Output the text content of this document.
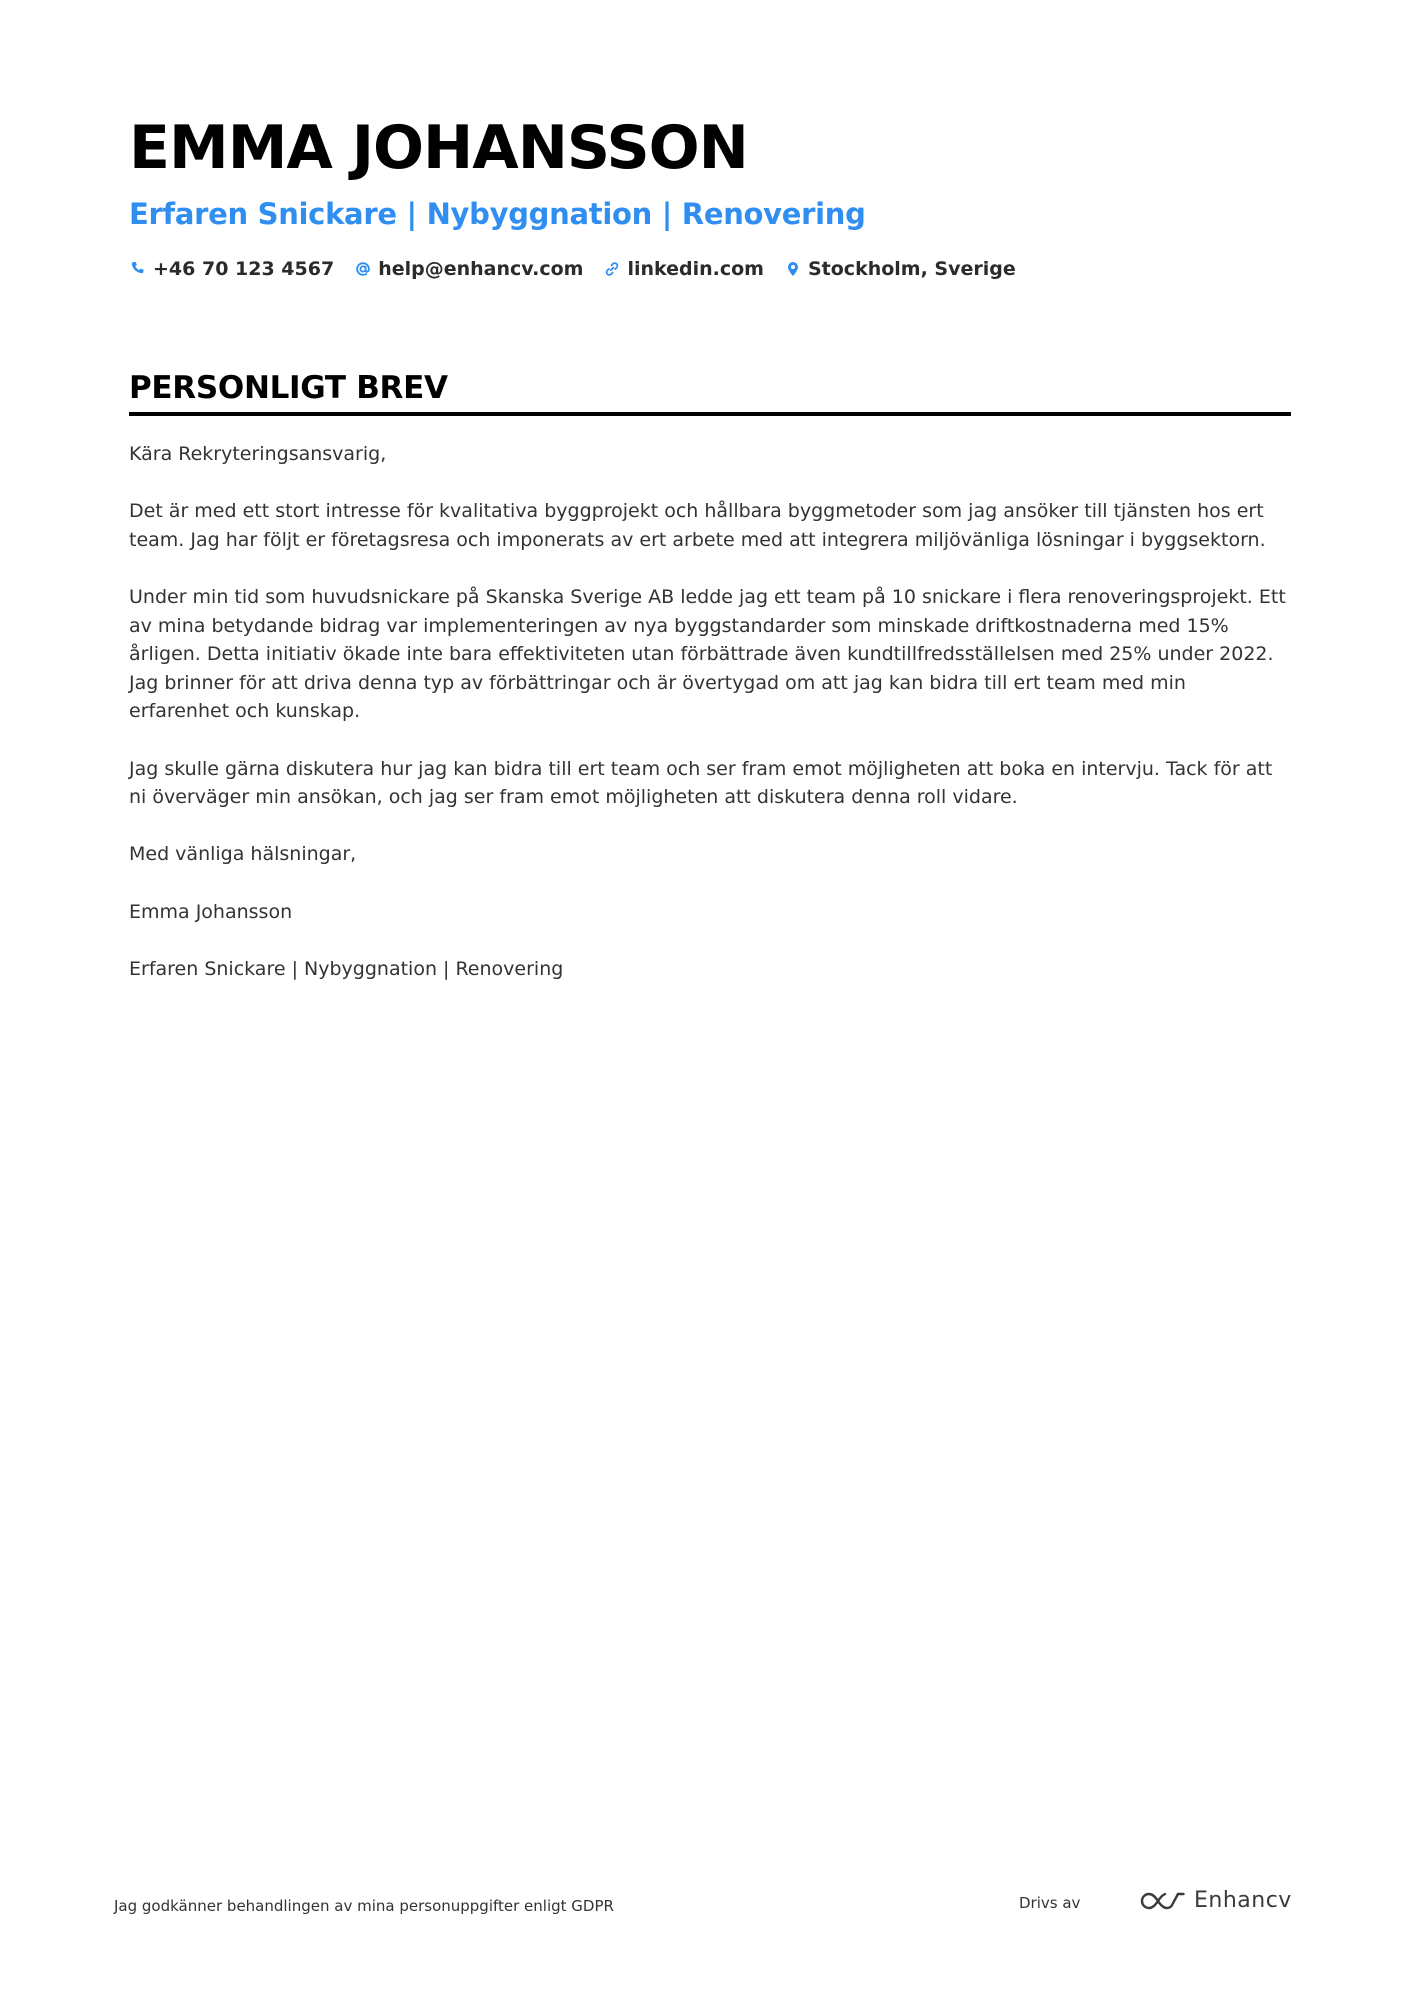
EMMA JOHANSSON
Erfaren Snickare | Nybyggnation | Renovering
+46 70 123 4567 help@enhancv.com linkedin.com Stockholm, Sverige
PERSONLIGT BREV

Kära Rekryteringsansvarig,

Det är med ett stort intresse för kvalitativa byggprojekt och hållbara byggmetoder som jag ansöker till tjänsten hos ert team. Jag har följt er företagsresa och imponerats av ert arbete med att integrera miljövänliga lösningar i byggsektorn.

Under min tid som huvudsnickare på Skanska Sverige AB ledde jag ett team på 10 snickare i flera renoveringsprojekt. Ett av mina betydande bidrag var implementeringen av nya byggstandarder som minskade driftkostnaderna med 15% årligen. Detta initiativ ökade inte bara effektiviteten utan förbättrade även kundtillfredsställelsen med 25% under 2022. Jag brinner för att driva denna typ av förbättringar och är övertygad om att jag kan bidra till ert team med min erfarenhet och kunskap.

Jag skulle gärna diskutera hur jag kan bidra till ert team och ser fram emot möjligheten att boka en intervju. Tack för att ni överväger min ansökan, och jag ser fram emot möjligheten att diskutera denna roll vidare.

Med vänliga hälsningar,

Emma Johansson

Erfaren Snickare | Nybyggnation | Renovering

Jag godkänner behandlingen av mina personuppgifter enligt GDPR	Drivs av	Enhancv
